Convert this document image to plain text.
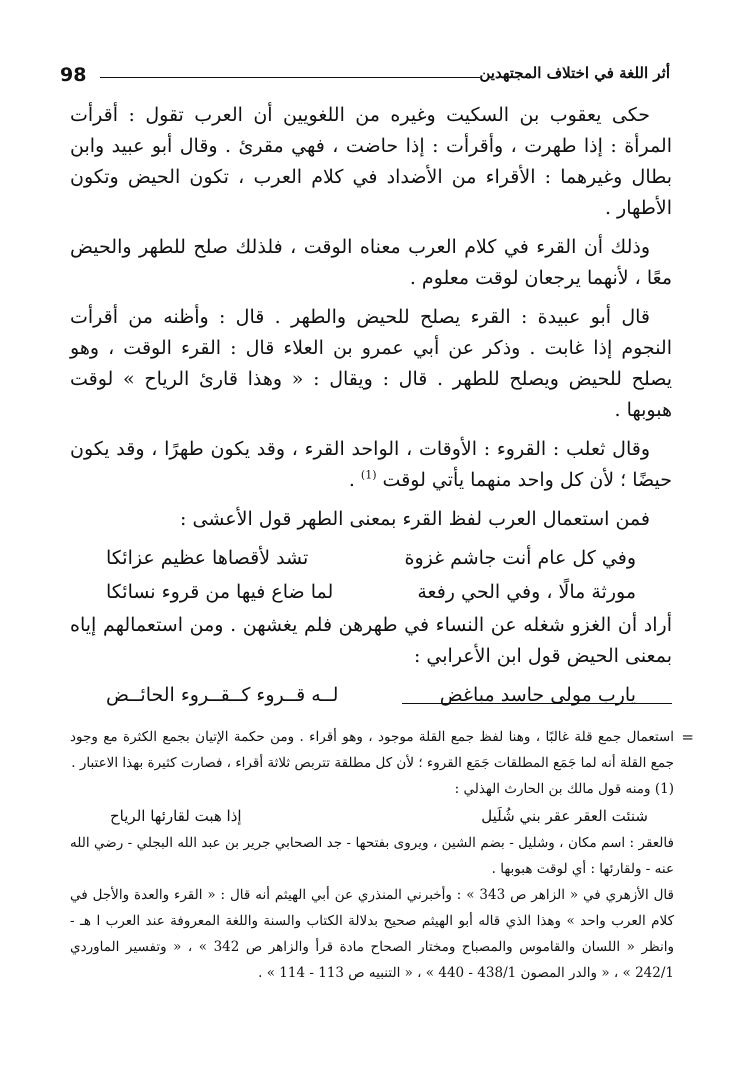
98	أثر اللغة في اختلاف المجتهدين

حكى يعقوب بن السكيت وغيره من اللغويين أن العرب تقول : أقرأت المرأة : إذا طهرت ، وأقرأت : إذا حاضت ، فهي مقرئ . وقال أبو عبيد وابن بطال وغيرهما : الأقراء من الأضداد في كلام العرب ، تكون الحيض وتكون الأطهار .

وذلك أن القرء في كلام العرب معناه الوقت ، فلذلك صلح للطهر والحيض معًا ، لأنهما يرجعان لوقت معلوم .

قال أبو عبيدة : القرء يصلح للحيض والطهر . قال : وأظنه من أقرأت النجوم إذا غابت . وذكر عن أبي عمرو بن العلاء قال : القرء الوقت ، وهو يصلح للحيض ويصلح للطهر . قال : ويقال : « وهذا قارئ الرياح » لوقت هبوبها .

وقال ثعلب : القروء : الأوقات ، الواحد القرء ، وقد يكون طهرًا ، وقد يكون حيضًا ؛ لأن كل واحد منهما يأتي لوقت $^{(1)}$ .

فمن استعمال العرب لفظ القرء بمعنى الطهر قول الأعشى :

وفي كل عام أنت جاشم غزوة
تشد لأقصاها عظيم عزائكا
مورثة مالًا ، وفي الحي رفعة
لما ضاع فيها من قروء نسائكا

أراد أن الغزو شغله عن النساء في طهرهن فلم يغشهن . ومن استعمالهم إياه بمعنى الحيض قول ابن الأعرابي :

يارب مولى حاسد مباغض
لــه قــروء كــقــروء الحائــض
=

استعمال جمع قلة غالبًا ، وهنا لفظ جمع القلة موجود ، وهو أقراء . ومن حكمة الإتيان بجمع الكثرة مع وجود جمع القلة أنه لما جَمَع المطلقات جَمَع القروء ؛ لأن كل مطلقة تتربص ثلاثة أقراء ، فصارت كثيرة بهذا الاعتبار .

(1) ومنه قول مالك بن الحارث الهذلي :

شنئت العقر عقر بني شُلَيل
إذا هبت لقارئها الرياح

فالعقر : اسم مكان ، وشليل - بضم الشين ، ويروى بفتحها - جد الصحابي جرير بن عبد الله البجلي - رضي الله عنه - ولقارئها : أي لوقت هبوبها .

قال الأزهري في « الزاهر ص 343 » : وأخبرني المنذري عن أبي الهيثم أنه قال : « القرء والعدة والأجل في كلام العرب واحد » وهذا الذي قاله أبو الهيثم صحيح بدلالة الكتاب والسنة واللغة المعروفة عند العرب ا هـ - وانظر « اللسان والقاموس والمصباح ومختار الصحاح مادة قرأ والزاهر ص 342 » ، « وتفسير الماوردي 242/1 » ، « والدر المصون 438/1 - 440 » ، « التنبيه ص 113 - 114 » .
